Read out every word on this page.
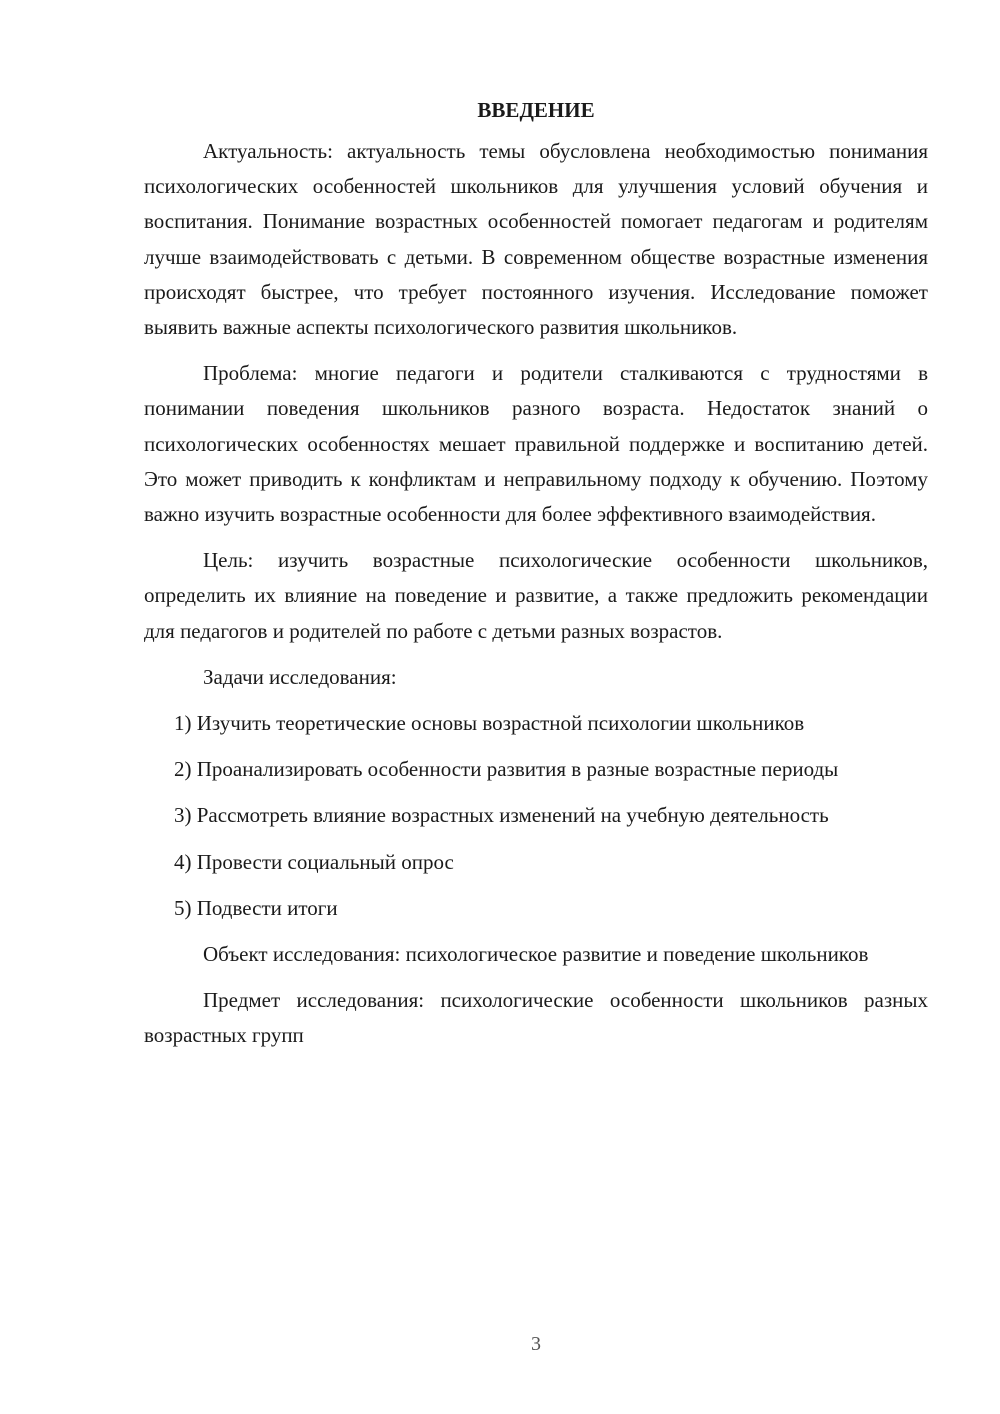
ВВЕДЕНИЕ

Актуальность: актуальность темы обусловлена необходимостью понимания психологических особенностей школьников для улучшения условий обучения и воспитания. Понимание возрастных особенностей помогает педагогам и родителям лучше взаимодействовать с детьми. В современном обществе возрастные изменения происходят быстрее, что требует постоянного изучения. Исследование поможет выявить важные аспекты психологического развития школьников.

Проблема: многие педагоги и родители сталкиваются с трудностями в понимании поведения школьников разного возраста. Недостаток знаний о психологических особенностях мешает правильной поддержке и воспитанию детей. Это может приводить к конфликтам и неправильному подходу к обучению. Поэтому важно изучить возрастные особенности для более эффективного взаимодействия.

Цель: изучить возрастные психологические особенности школьников, определить их влияние на поведение и развитие, а также предложить рекомендации для педагогов и родителей по работе с детьми разных возрастов.

Задачи исследования:

1) Изучить теоретические основы возрастной психологии школьников

2) Проанализировать особенности развития в разные возрастные периоды

3) Рассмотреть влияние возрастных изменений на учебную деятельность

4) Провести социальный опрос

5) Подвести итоги

Объект исследования: психологическое развитие и поведение школьников

Предмет исследования: психологические особенности школьников разных возрастных групп

3
